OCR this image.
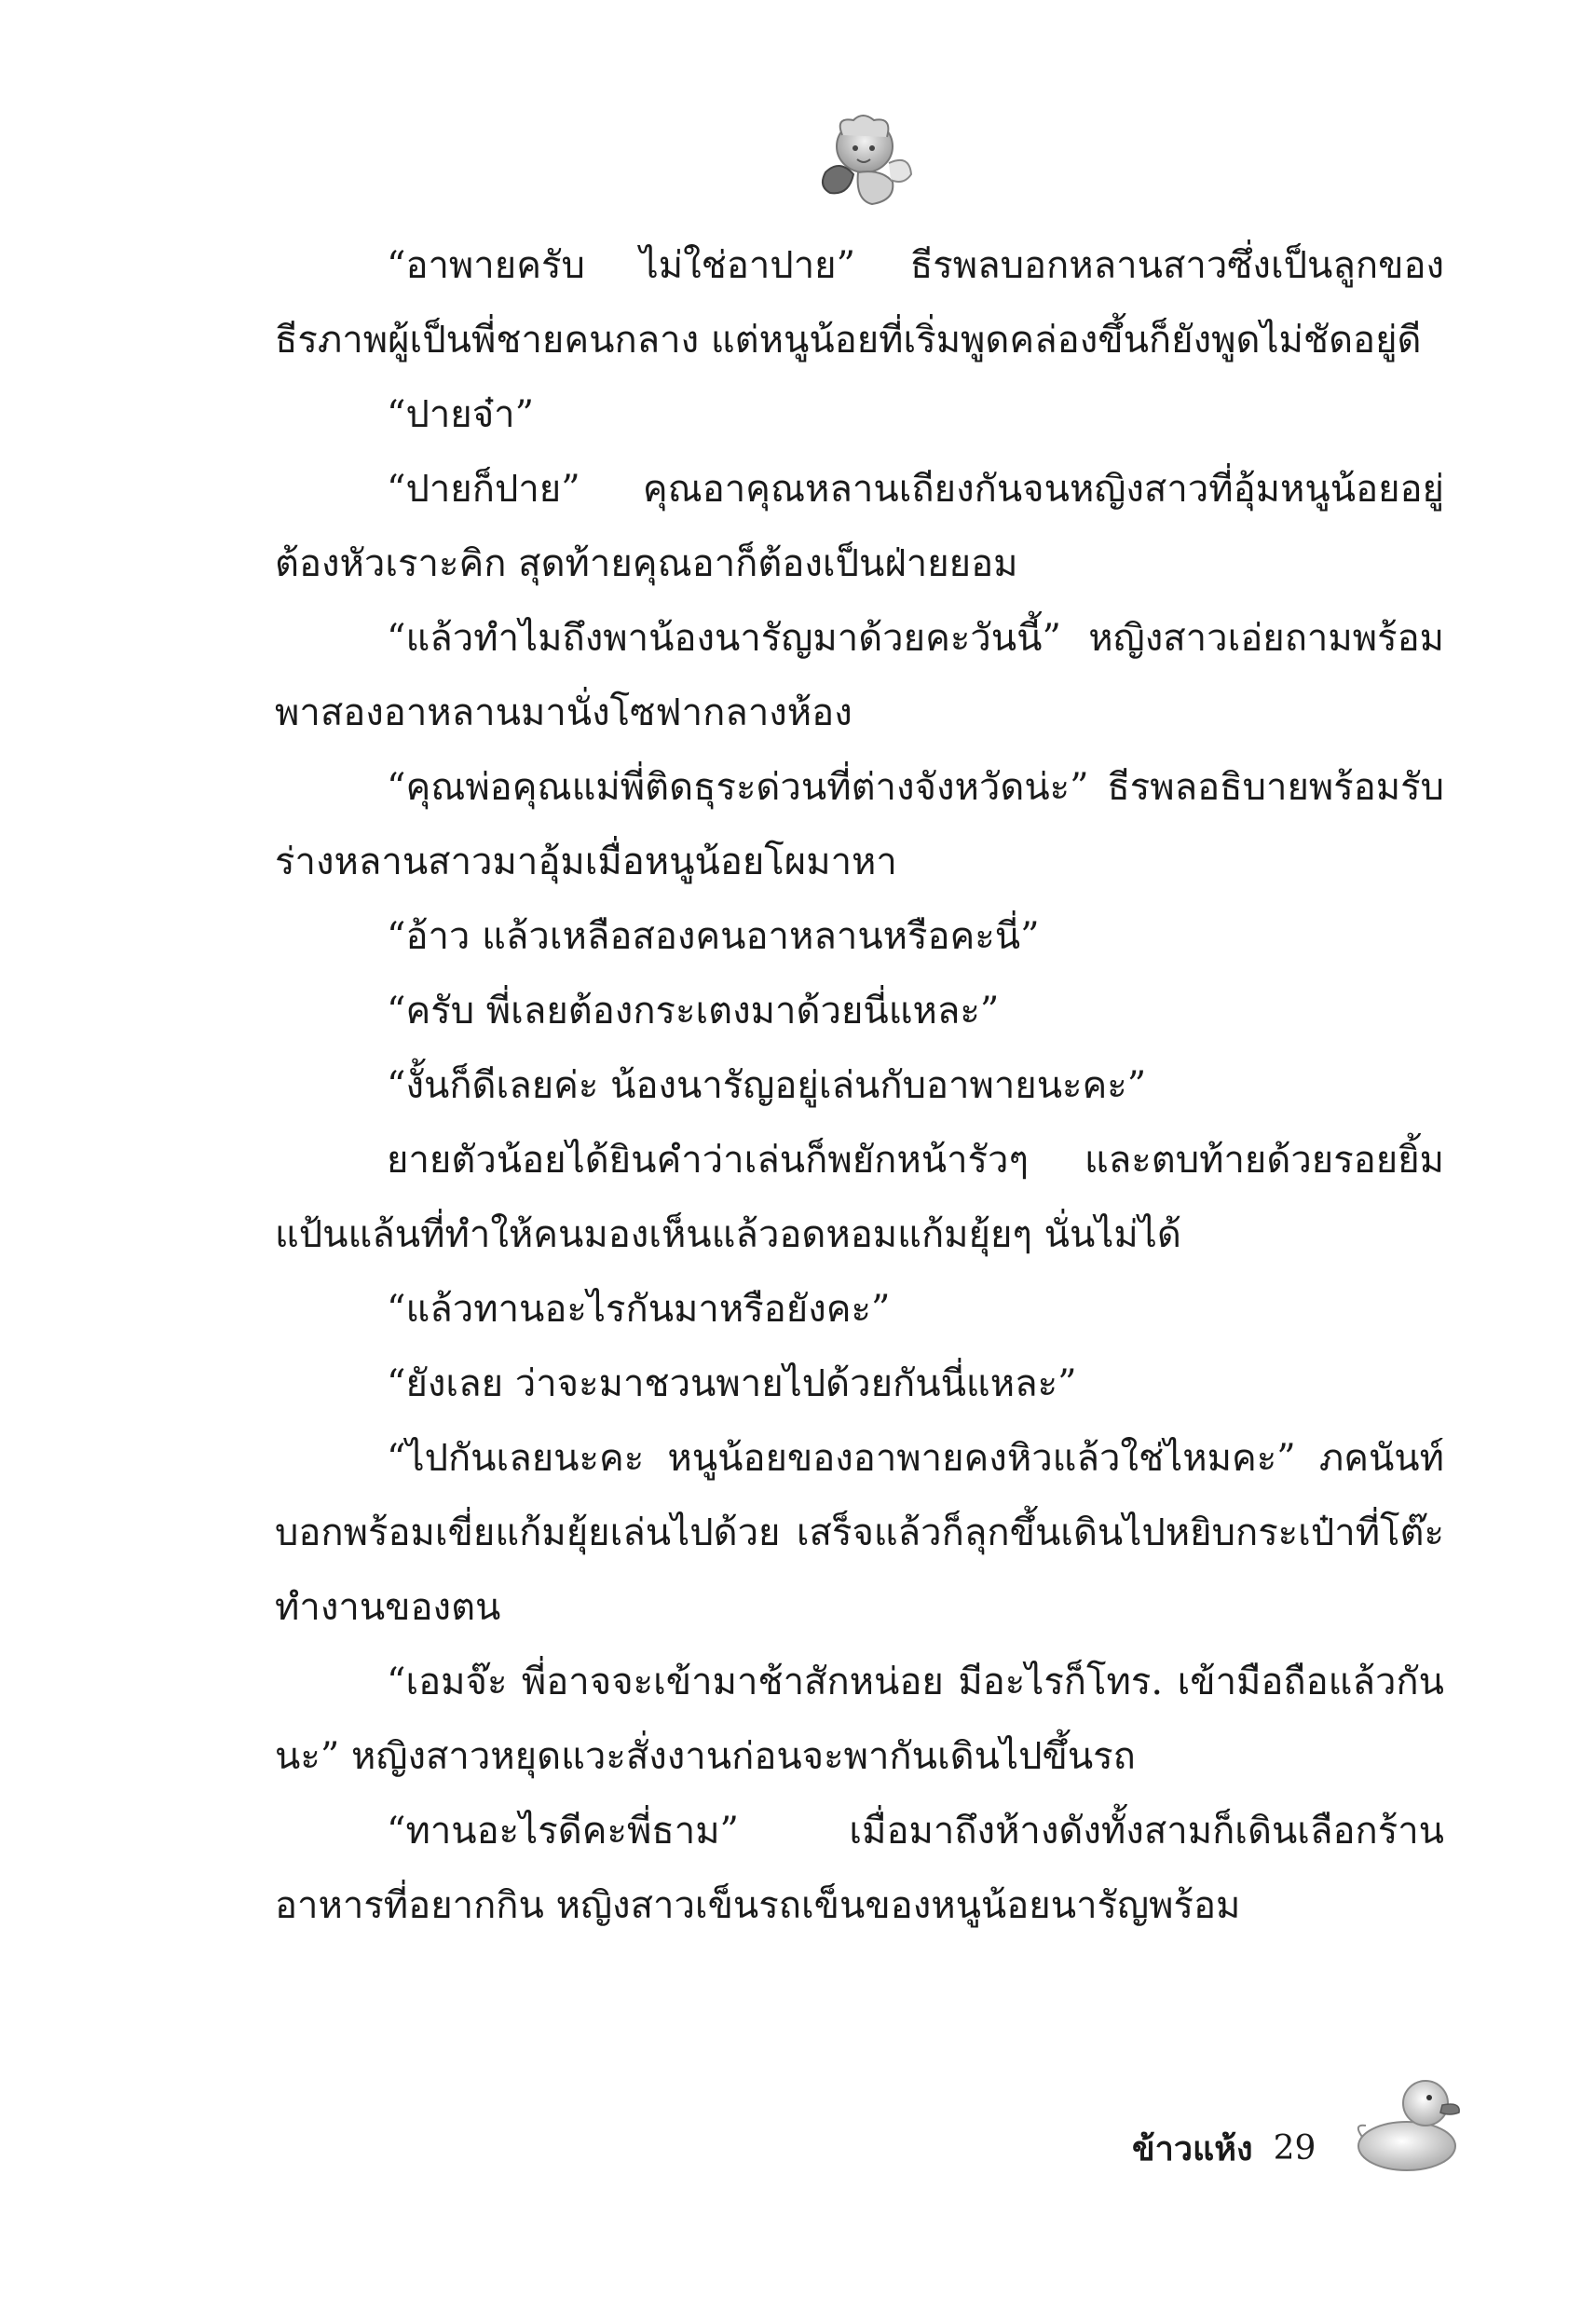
“อาพายครับ ไม่ใช่อาปาย” ธีรพลบอกหลานสาวซึ่งเป็นลูกของธีรภาพผู้เป็นพี่ชายคนกลาง แต่หนูน้อยที่เริ่มพูดคล่องขึ้นก็ยังพูดไม่ชัดอยู่ดี

“ปายจ๋า”

“ปายก็ปาย” คุณอาคุณหลานเถียงกันจนหญิงสาวที่อุ้มหนูน้อยอยู่ต้องหัวเราะคิก สุดท้ายคุณอาก็ต้องเป็นฝ่ายยอม

“แล้วทำไมถึงพาน้องนารัญมาด้วยคะวันนี้” หญิงสาวเอ่ยถามพร้อมพาสองอาหลานมานั่งโซฟากลางห้อง

“คุณพ่อคุณแม่พี่ติดธุระด่วนที่ต่างจังหวัดน่ะ” ธีรพลอธิบายพร้อมรับร่างหลานสาวมาอุ้มเมื่อหนูน้อยโผมาหา

“อ้าว แล้วเหลือสองคนอาหลานหรือคะนี่”

“ครับ พี่เลยต้องกระเตงมาด้วยนี่แหละ”

“งั้นก็ดีเลยค่ะ น้องนารัญอยู่เล่นกับอาพายนะคะ”

ยายตัวน้อยได้ยินคำว่าเล่นก็พยักหน้ารัวๆ และตบท้ายด้วยรอยยิ้มแป้นแล้นที่ทำให้คนมองเห็นแล้วอดหอมแก้มยุ้ยๆ นั่นไม่ได้

“แล้วทานอะไรกันมาหรือยังคะ”

“ยังเลย ว่าจะมาชวนพายไปด้วยกันนี่แหละ”

“ไปกันเลยนะคะ หนูน้อยของอาพายคงหิวแล้วใช่ไหมคะ” ภคนันท์บอกพร้อมเขี่ยแก้มยุ้ยเล่นไปด้วย เสร็จแล้วก็ลุกขึ้นเดินไปหยิบกระเป๋าที่โต๊ะทำงานของตน

“เอมจ๊ะ พี่อาจจะเข้ามาช้าสักหน่อย มีอะไรก็โทร. เข้ามือถือแล้วกันนะ” หญิงสาวหยุดแวะสั่งงานก่อนจะพากันเดินไปขึ้นรถ

“ทานอะไรดีคะพี่ธาม” เมื่อมาถึงห้างดังทั้งสามก็เดินเลือกร้านอาหารที่อยากกิน หญิงสาวเข็นรถเข็นของหนูน้อยนารัญพร้อม

ข้าวแห้ง 29
